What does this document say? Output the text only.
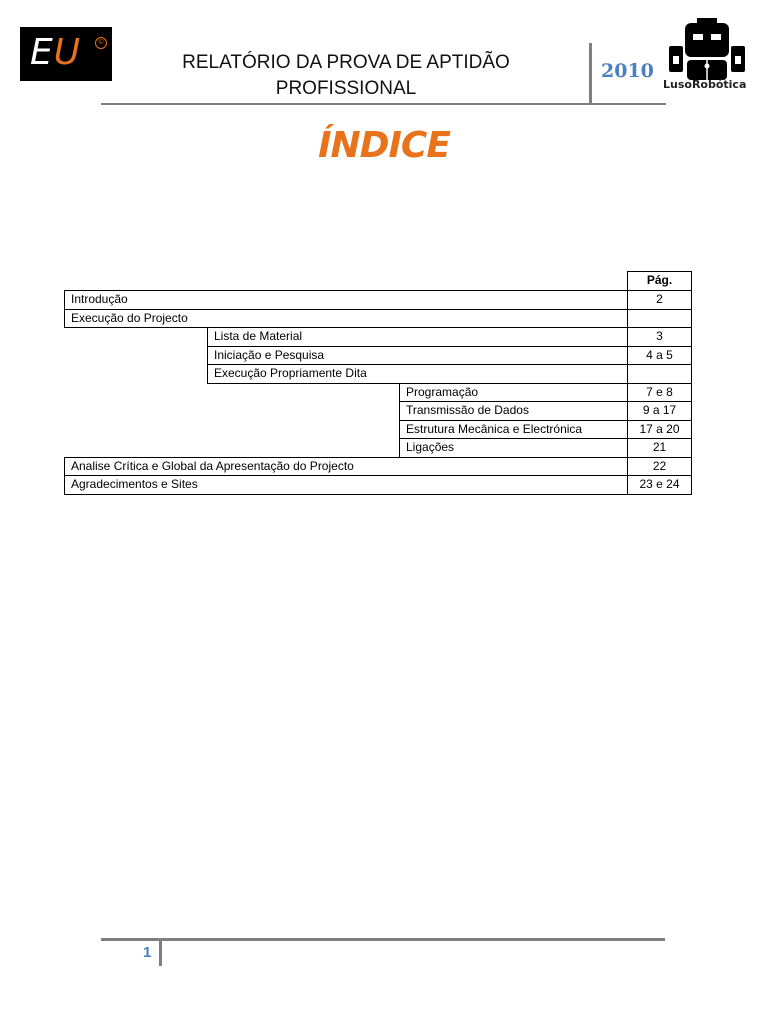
EU	©
RELATÓRIO DA PROVA DE APTIDÃO
PROFISSIONAL
2010
LusoRobótica
ÍNDICE
Pág.
Introdução	2
Execução do Projecto
Lista de Material	3
Iniciação e Pesquisa	4 a 5
Execução Propriamente Dita
Programação	7 e 8
Transmissão de Dados	9 a 17
Estrutura Mecânica e Electrónica	17 a 20
Ligações	21
Analise Crítica e Global da Apresentação do Projecto	22
Agradecimentos e Sites	23 e 24
1
